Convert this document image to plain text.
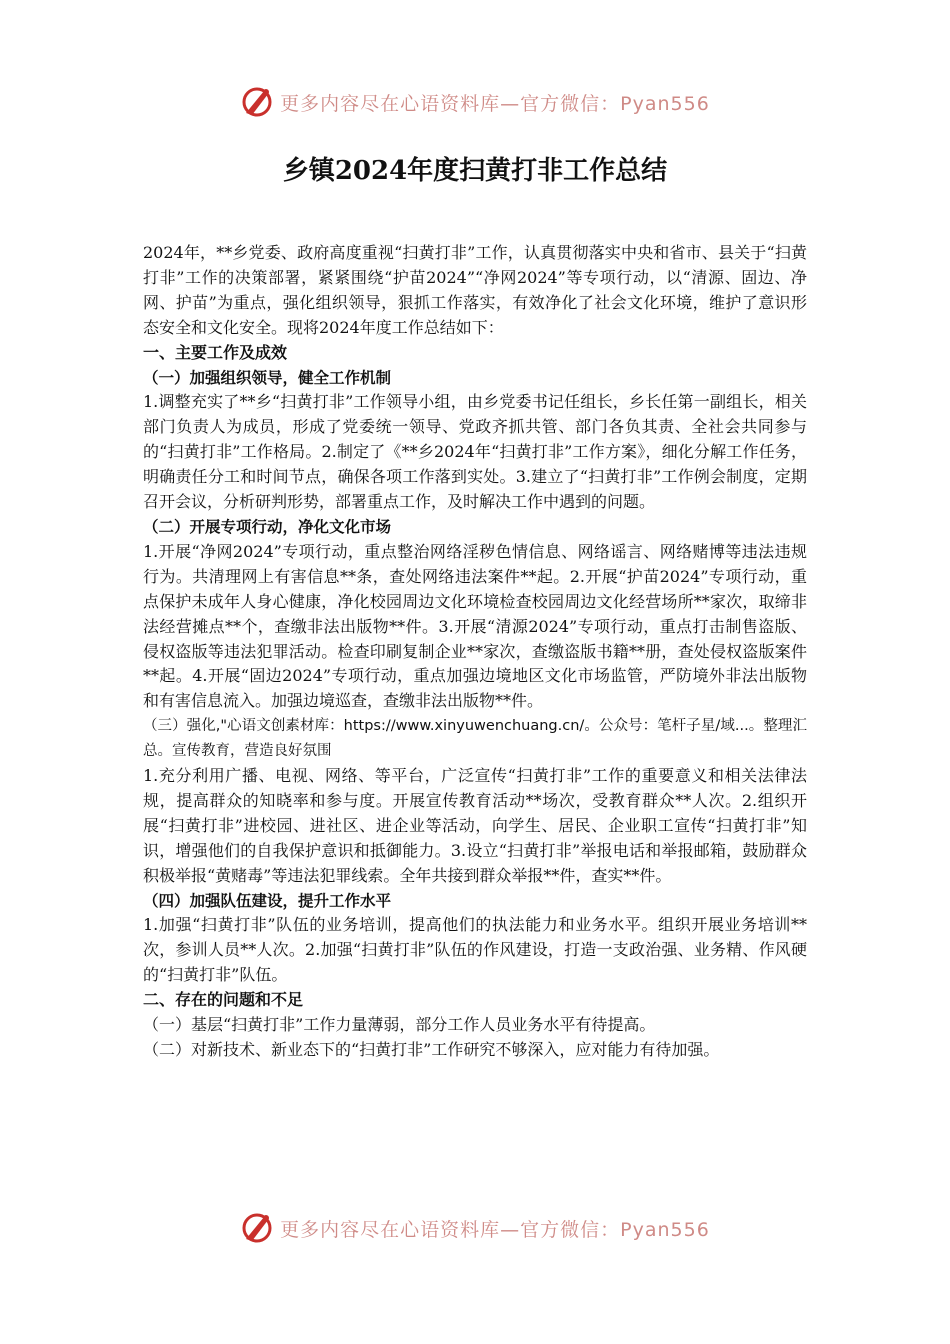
更多内容尽在心语资料库—官方微信：Pyan556
乡镇2024年度扫黄打非工作总结

2024年，**乡党委、政府高度重视“扫黄打非”工作，认真贯彻落实中央和省市、县关于“扫黄打非”工作的决策部署，紧紧围绕“护苗2024”“净网2024”等专项行动，以“清源、固边、净网、护苗”为重点，强化组织领导，狠抓工作落实，有效净化了社会文化环境，维护了意识形态安全和文化安全。现将2024年度工作总结如下：

一、主要工作及成效

（一）加强组织领导，健全工作机制

1.调整充实了**乡“扫黄打非”工作领导小组，由乡党委书记任组长，乡长任第一副组长，相关部门负责人为成员，形成了党委统一领导、党政齐抓共管、部门各负其责、全社会共同参与的“扫黄打非”工作格局。2.制定了《**乡2024年“扫黄打非”工作方案》，细化分解工作任务，明确责任分工和时间节点，确保各项工作落到实处。3.建立了“扫黄打非”工作例会制度，定期召开会议，分析研判形势，部署重点工作，及时解决工作中遇到的问题。

（二）开展专项行动，净化文化市场

1.开展“净网2024”专项行动，重点整治网络淫秽色情信息、网络谣言、网络赌博等违法违规行为。共清理网上有害信息**条，查处网络违法案件**起。2.开展“护苗2024”专项行动，重点保护未成年人身心健康，净化校园周边文化环境检查校园周边文化经营场所**家次，取缔非法经营摊点**个，查缴非法出版物**件。3.开展“清源2024”专项行动，重点打击制售盗版、侵权盗版等违法犯罪活动。检查印刷复制企业**家次，查缴盗版书籍**册，查处侵权盗版案件**起。4.开展“固边2024”专项行动，重点加强边境地区文化市场监管，严防境外非法出版物和有害信息流入。加强边境巡查，查缴非法出版物**件。

（三）强化,"心语文创素材库：https://www.xinyuwenchuang.cn/。公众号：笔杆子星/域...。整理汇总。宣传教育，营造良好氛围

1.充分利用广播、电视、网络、等平台，广泛宣传“扫黄打非”工作的重要意义和相关法律法规，提高群众的知晓率和参与度。开展宣传教育活动**场次，受教育群众**人次。2.组织开展“扫黄打非”进校园、进社区、进企业等活动，向学生、居民、企业职工宣传“扫黄打非”知识，增强他们的自我保护意识和抵御能力。3.设立“扫黄打非”举报电话和举报邮箱，鼓励群众积极举报“黄赌毒”等违法犯罪线索。全年共接到群众举报**件，查实**件。

（四）加强队伍建设，提升工作水平

1.加强“扫黄打非”队伍的业务培训，提高他们的执法能力和业务水平。组织开展业务培训**次，参训人员**人次。2.加强“扫黄打非”队伍的作风建设，打造一支政治强、业务精、作风硬的“扫黄打非”队伍。

二、存在的问题和不足

（一）基层“扫黄打非”工作力量薄弱，部分工作人员业务水平有待提高。

（二）对新技术、新业态下的“扫黄打非”工作研究不够深入，应对能力有待加强。

更多内容尽在心语资料库—官方微信：Pyan556
